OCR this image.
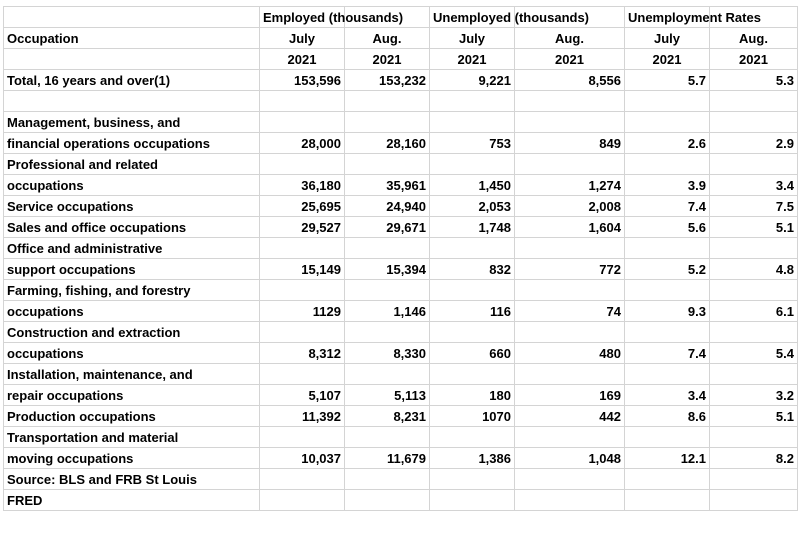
	Employed (thousands)		Unemployed (thousands)		Unemployment Rates	
Occupation	July	Aug.	July	Aug.	July	Aug.
	2021	2021	2021	2021	2021	2021
Total, 16 years and over(1)	153,596	153,232	9,221	8,556	5.7	5.3

Management, business, and						
financial operations occupations	28,000	28,160	753	849	2.6	2.9
Professional and related						
occupations	36,180	35,961	1,450	1,274	3.9	3.4
Service occupations	25,695	24,940	2,053	2,008	7.4	7.5
Sales and office occupations	29,527	29,671	1,748	1,604	5.6	5.1
Office and administrative						
support occupations	15,149	15,394	832	772	5.2	4.8
Farming, fishing, and forestry						
occupations	1129	1,146	116	74	9.3	6.1
Construction and extraction						
occupations	8,312	8,330	660	480	7.4	5.4
Installation, maintenance, and						
repair occupations	5,107	5,113	180	169	3.4	3.2
Production occupations	11,392	8,231	1070	442	8.6	5.1
Transportation and material						
moving occupations	10,037	11,679	1,386	1,048	12.1	8.2
Source: BLS and FRB St Louis						
FRED						
